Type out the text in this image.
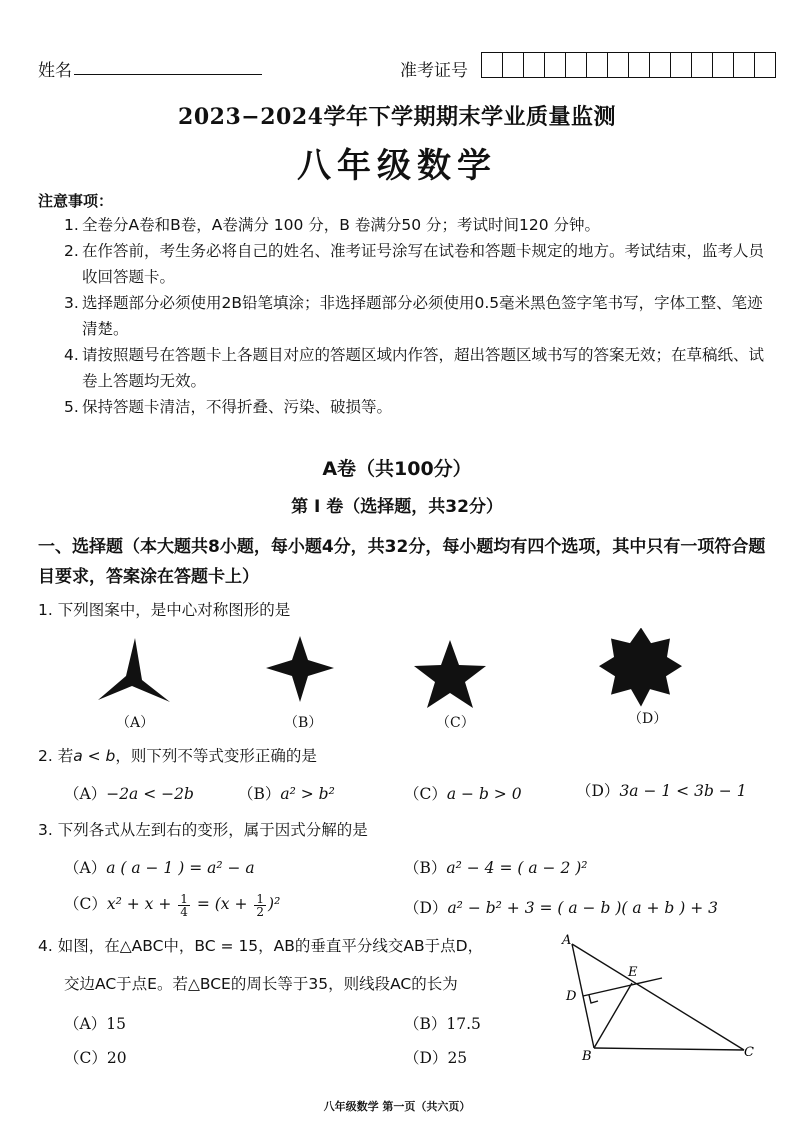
姓名	准考证号
2023−2024学年下学期期末学业质量监测
八年级数学
注意事项：
1. 全卷分A卷和B卷，A卷满分 100 分，B 卷满分50 分；考试时间120 分钟。
2. 在作答前，考生务必将自己的姓名、准考证号涂写在试卷和答题卡规定的地方。考试结束，监考人员收回答题卡。
3. 选择题部分必须使用2B铅笔填涂；非选择题部分必须使用0.5毫米黑色签字笔书写，字体工整、笔迹清楚。
4. 请按照题号在答题卡上各题目对应的答题区域内作答，超出答题区域书写的答案无效；在草稿纸、试卷上答题均无效。
5. 保持答题卡清洁，不得折叠、污染、破损等。
A卷（共100分）
第 I 卷（选择题，共32分）
一、选择题（本大题共8小题，每小题4分，共32分，每小题均有四个选项，其中只有一项符合题目要求，答案涂在答题卡上）
1. 下列图案中，是中心对称图形的是
（A）	（B）	（C）	（D）
2. 若a < b，则下列不等式变形正确的是
（A）−2a < −2b	（B）a² > b²	（C）a − b > 0	（D）3a − 1 < 3b − 1
3. 下列各式从左到右的变形，属于因式分解的是
（A）a ( a − 1 ) = a² − a	（B）a² − 4 = ( a − 2 )²
$(C)x^2 + x + \frac{1}{4} = (x + \frac{1}{2} )^2$	（D）a² − b² + 3 = ( a − b )( a + b ) + 3
4. 如图，在△ABC中，BC = 15，AB的垂直平分线交AB于点D，
交边AC于点E。若△BCE的周长等于35，则线段AC的长为
（A）15	（B）17.5
（C）20	（D）25
A
D
E
B	C
八年级数学 第一页（共六页）
